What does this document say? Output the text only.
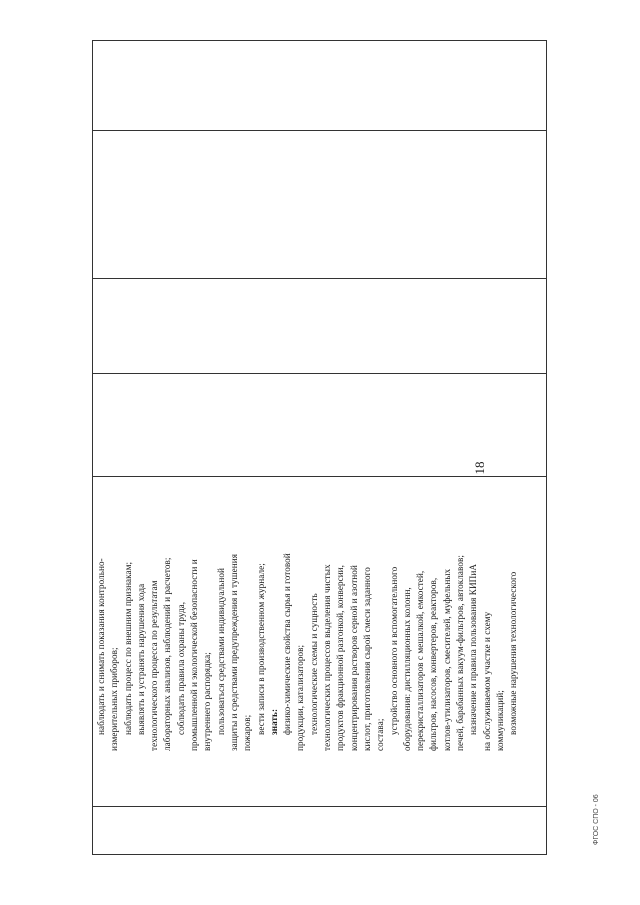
наблюдать и снимать показания контрольно- измерительных приборов; наблюдать процесс по внешним признакам; выявлять и устранять нарушения хода технологического процесса по результатам лабораторных анализов, наблюдений и расчетов; соблюдать правила охраны труда, промышленной и экологической безопасности и внутреннего распорядка; пользоваться средствами индивидуальной защиты и средствами предупреждения и тушения пожаров; вести записи в производственном журнале; знать: физико-химические свойства сырья и готовой продукции, катализаторов; технологические схемы и сущность технологических процессов выделения чистых продуктов фракционной разгонкой, конверсии, концентрирования растворов серной и азотной кислот, приготовления сырой смеси заданного состава; устройство основного и вспомогательного оборудования: дистилляционных колонн, перекристаллизаторов с мешалкой, емкостей, фильтров, насосов, конвертеров, реакторов, котлов-утилизаторов, смесителей, муфельных печей, барабанных вакуум-фильтров, автоклавов; назначение и правила пользования КИПиА на обслуживаемом участке и схему коммуникаций; возможные нарушения технологического
18
ФГОС СПО - 06
